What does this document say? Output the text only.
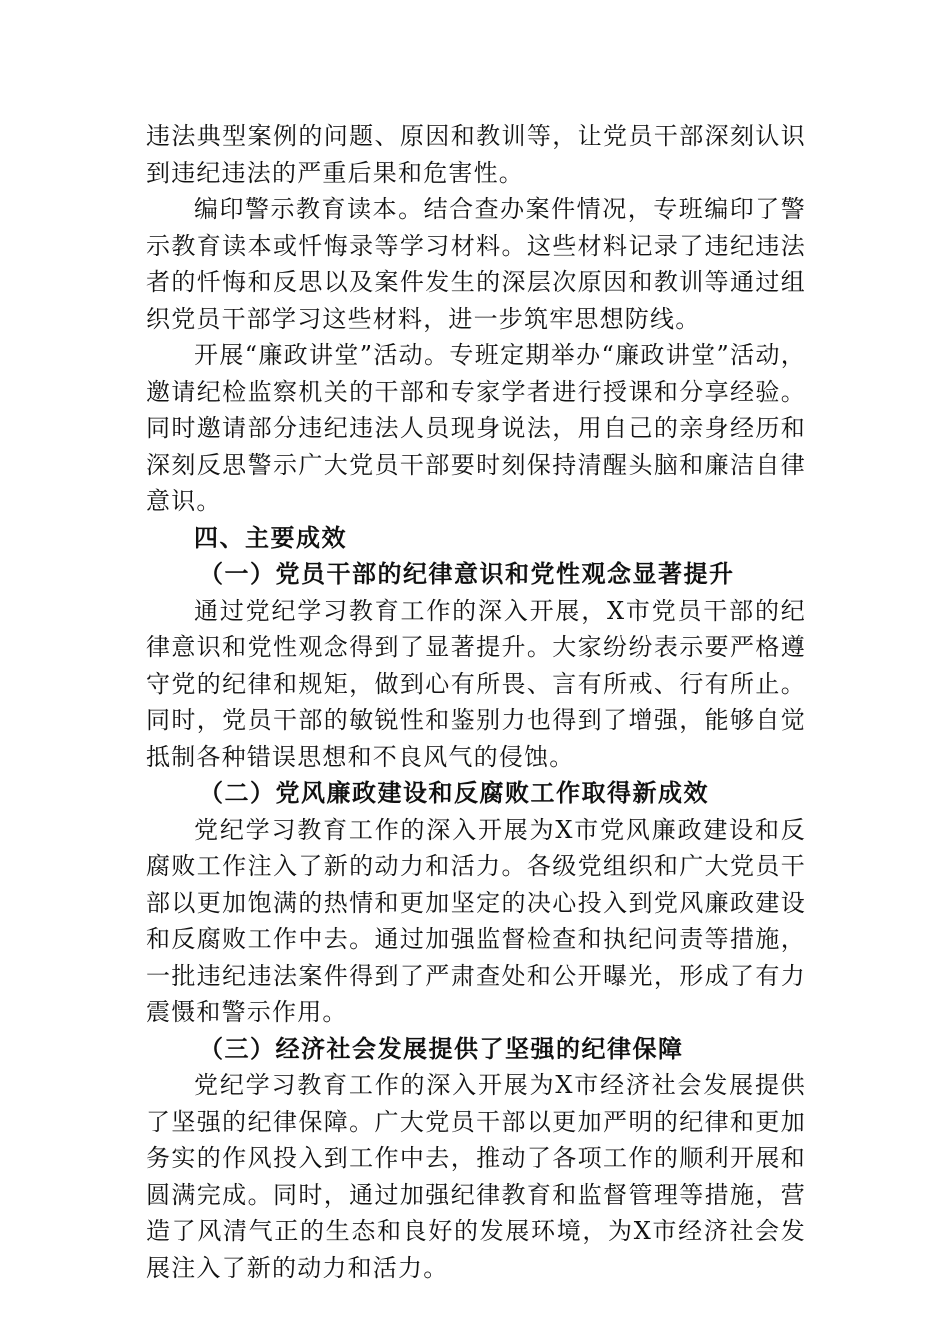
违法典型案例的问题、原因和教训等，让党员干部深刻认识到违纪违法的严重后果和危害性。

编印警示教育读本。结合查办案件情况，专班编印了警示教育读本或忏悔录等学习材料。这些材料记录了违纪违法者的忏悔和反思以及案件发生的深层次原因和教训等通过组织党员干部学习这些材料，进一步筑牢思想防线。

开展“廉政讲堂”活动。专班定期举办“廉政讲堂”活动，邀请纪检监察机关的干部和专家学者进行授课和分享经验。同时邀请部分违纪违法人员现身说法，用自己的亲身经历和深刻反思警示广大党员干部要时刻保持清醒头脑和廉洁自律意识。

四、主要成效

（一）党员干部的纪律意识和党性观念显著提升

通过党纪学习教育工作的深入开展，X市党员干部的纪律意识和党性观念得到了显著提升。大家纷纷表示要严格遵守党的纪律和规矩，做到心有所畏、言有所戒、行有所止。同时，党员干部的敏锐性和鉴别力也得到了增强，能够自觉抵制各种错误思想和不良风气的侵蚀。

（二）党风廉政建设和反腐败工作取得新成效

党纪学习教育工作的深入开展为X市党风廉政建设和反腐败工作注入了新的动力和活力。各级党组织和广大党员干部以更加饱满的热情和更加坚定的决心投入到党风廉政建设和反腐败工作中去。通过加强监督检查和执纪问责等措施，一批违纪违法案件得到了严肃查处和公开曝光，形成了有力震慑和警示作用。

（三）经济社会发展提供了坚强的纪律保障

党纪学习教育工作的深入开展为X市经济社会发展提供了坚强的纪律保障。广大党员干部以更加严明的纪律和更加务实的作风投入到工作中去，推动了各项工作的顺利开展和圆满完成。同时，通过加强纪律教育和监督管理等措施，营造了风清气正的生态和良好的发展环境，为X市经济社会发展注入了新的动力和活力。
